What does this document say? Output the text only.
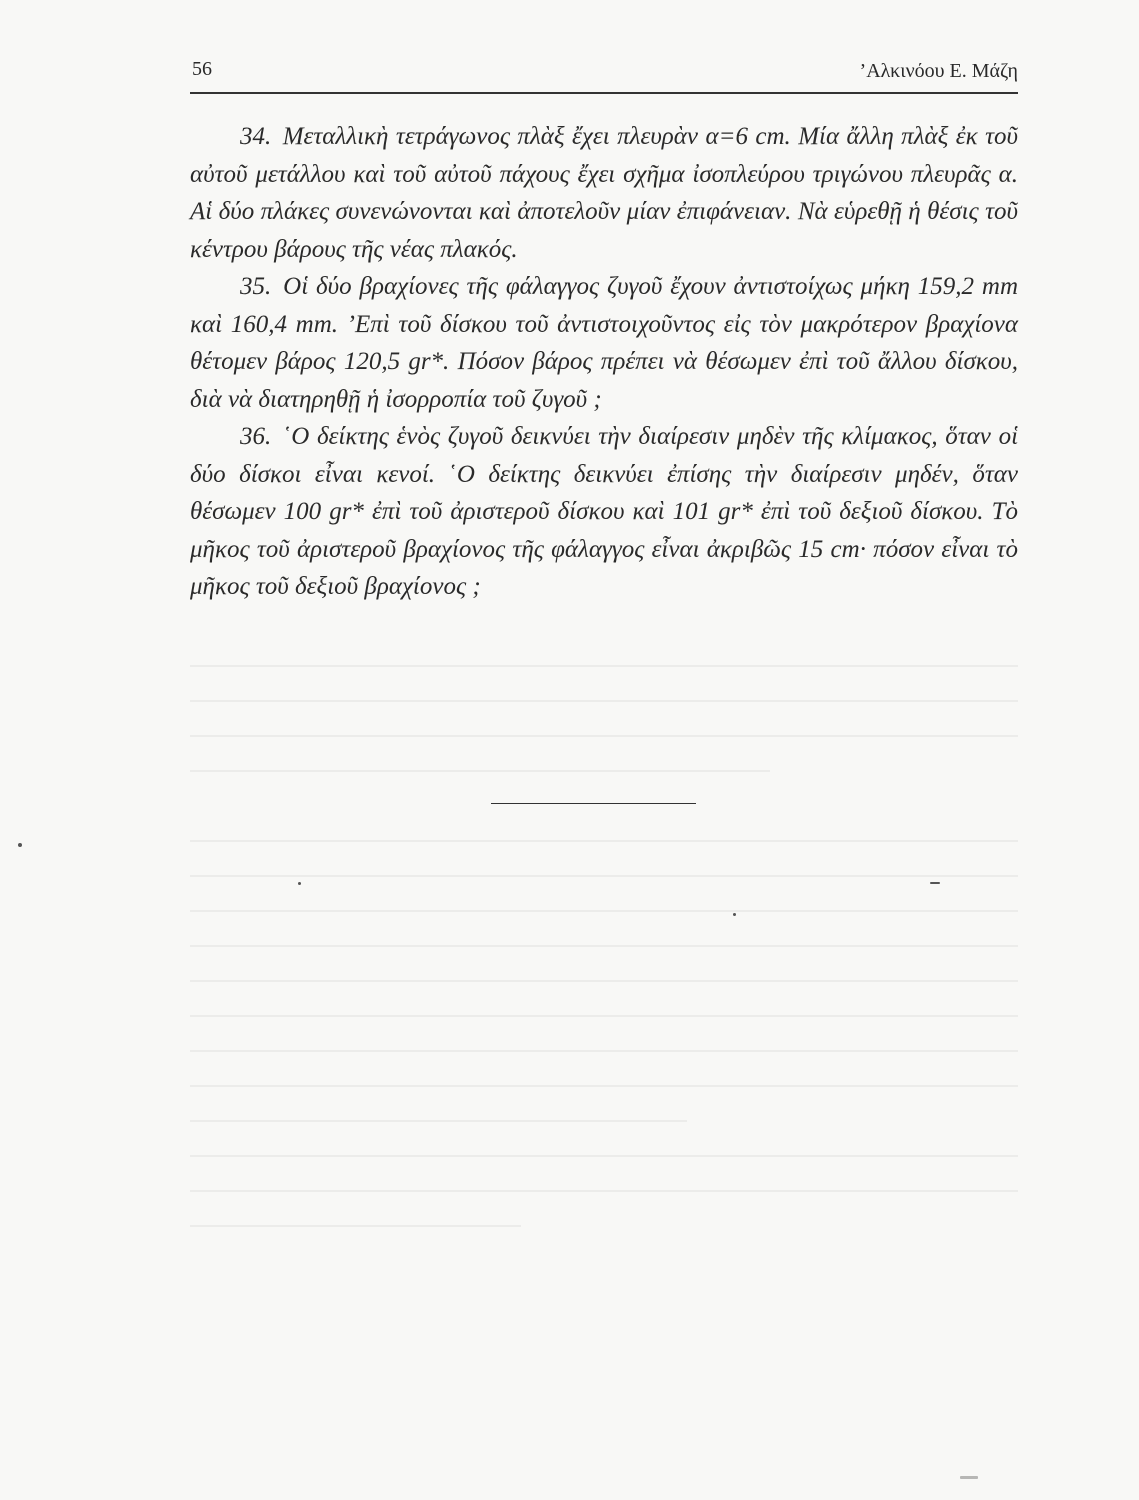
56	’Αλκινόου Ε. Μάζη

34. Μεταλλικὴ τετράγωνος πλὰξ ἔχει πλευρὰν α=6 cm. Μία ἄλλη πλὰξ ἐκ τοῦ αὐτοῦ μετάλλου καὶ τοῦ αὐτοῦ πάχους ἔχει σχῆμα ἰσοπλεύρου τριγώνου πλευρᾶς α. Αἱ δύο πλάκες συνενώνονται καὶ ἀποτελοῦν μίαν ἐπιφάνειαν. Νὰ εὑρεθῇ ἡ θέσις τοῦ κέντρου βάρους τῆς νέας πλακός.

35. Οἱ δύο βραχίονες τῆς φάλαγγος ζυγοῦ ἔχουν ἀντιστοίχως μήκη 159,2 mm καὶ 160,4 mm. ’Επὶ τοῦ δίσκου τοῦ ἀντιστοιχοῦντος εἰς τὸν μακρότερον βραχίονα θέτομεν βάρος 120,5 gr*. Πόσον βάρος πρέπει νὰ θέσωμεν ἐπὶ τοῦ ἄλλου δίσκου, διὰ νὰ διατηρηθῇ ἡ ἰσορροπία τοῦ ζυγοῦ ;

36. ῾Ο δείκτης ἑνὸς ζυγοῦ δεικνύει τὴν διαίρεσιν μηδὲν τῆς κλίμακος, ὅταν οἱ δύο δίσκοι εἶναι κενοί. ῾Ο δείκτης δεικνύει ἐπίσης τὴν διαίρεσιν μηδέν, ὅταν θέσωμεν 100 gr* ἐπὶ τοῦ ἀριστεροῦ δίσκου καὶ 101 gr* ἐπὶ τοῦ δεξιοῦ δίσκου. Τὸ μῆκος τοῦ ἀριστεροῦ βραχίονος τῆς φάλαγγος εἶναι ἀκριβῶς 15 cm· πόσον εἶναι τὸ μῆκος τοῦ δεξιοῦ βραχίονος ;
